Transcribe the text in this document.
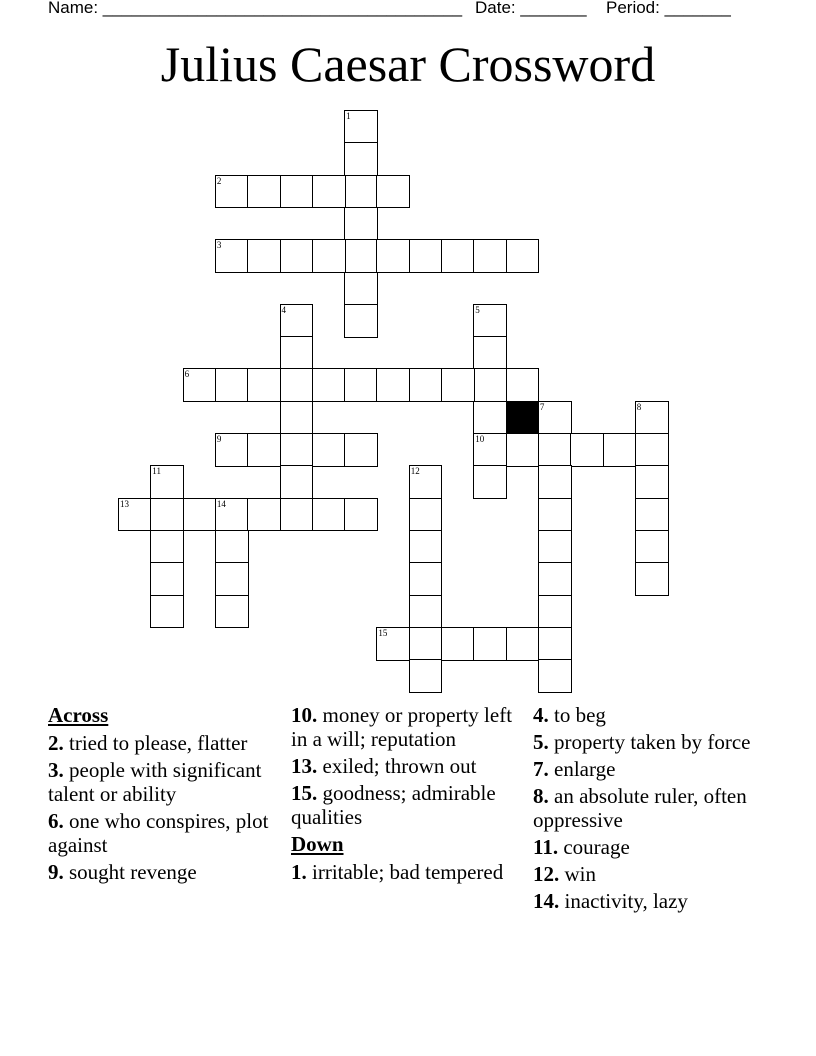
Name: ______________________________________ Date: _______ Period: _______
Julius Caesar Crossword
1
2
3
4	5
10
6
7	8
9
11	12
13	14
15
Across
2. tried to please, flatter
3. people with significant talent or ability
6. one who conspires, plot against
9. sought revenge
10. money or property left in a will; reputation
13. exiled; thrown out
15. goodness; admirable qualities
Down
1. irritable; bad tempered
4. to beg
5. property taken by force
7. enlarge
8. an absolute ruler, often oppressive
11. courage
12. win
14. inactivity, lazy
